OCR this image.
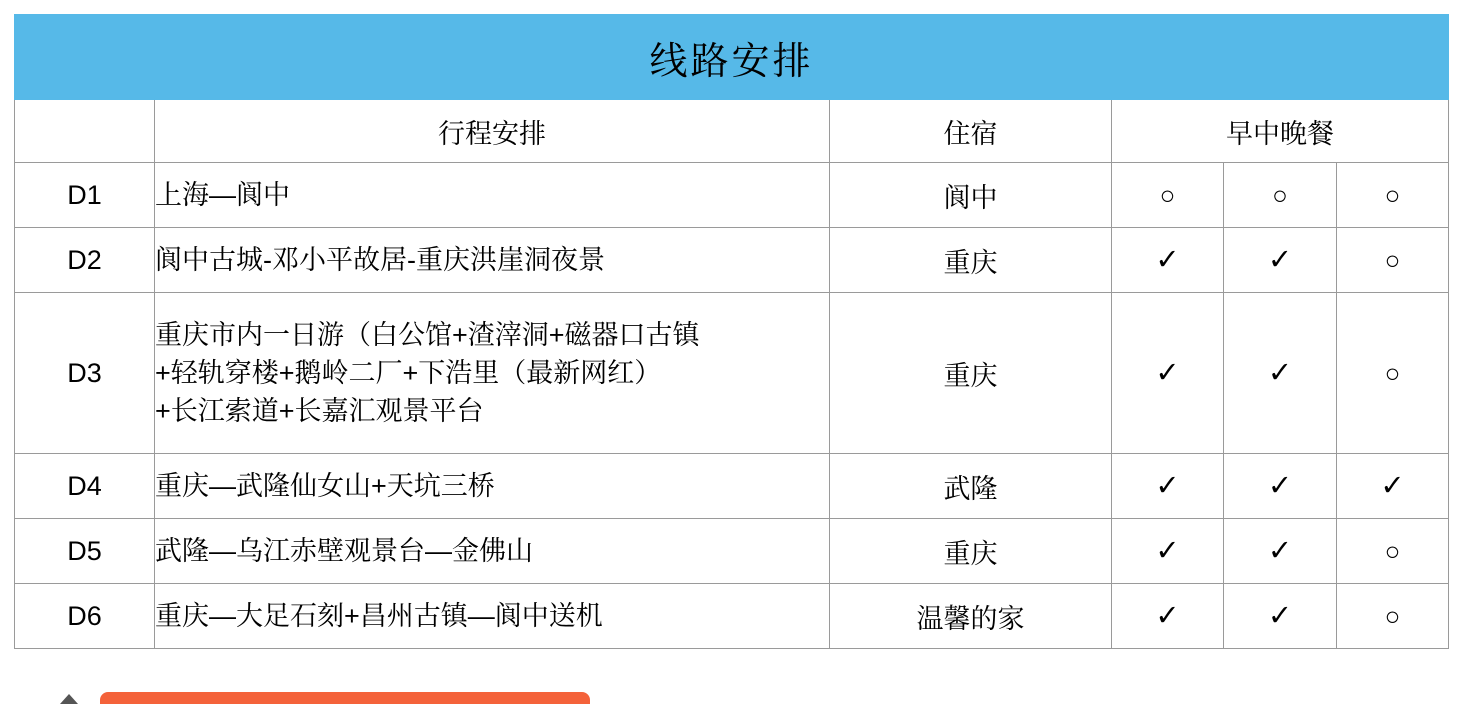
线路安排					
	行程安排	住宿	早中晚餐		
D1	上海—阆中	阆中	○	○	○
D2	阆中古城-邓小平故居-重庆洪崖洞夜景	重庆	✓	✓	○
D3	重庆市内一日游（白公馆+渣滓洞+磁器口古镇
+轻轨穿楼+鹅岭二厂+下浩里（最新网红）
+长江索道+长嘉汇观景平台	重庆	✓	✓	○
D4	重庆—武隆仙女山+天坑三桥	武隆	✓	✓	✓
D5	武隆—乌江赤壁观景台—金佛山	重庆	✓	✓	○
D6	重庆—大足石刻+昌州古镇—阆中送机	温馨的家	✓	✓	○
